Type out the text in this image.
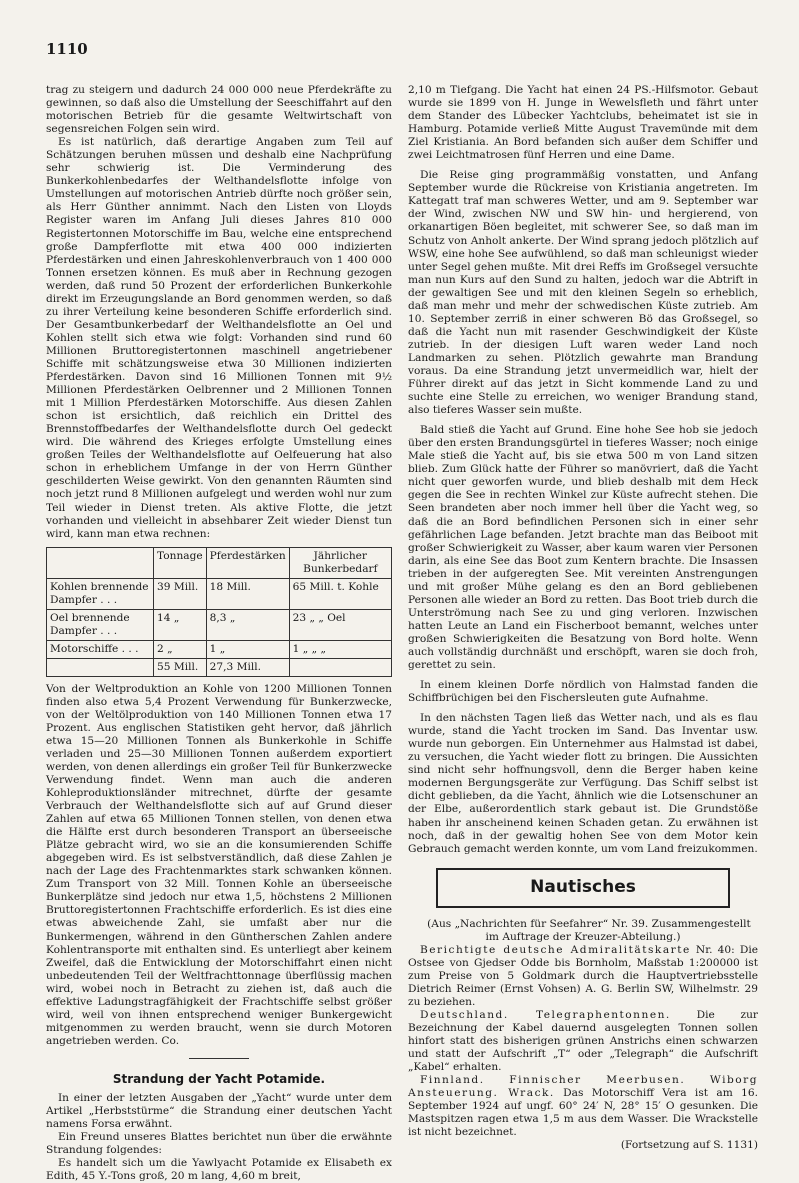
1110

trag zu steigern und dadurch 24 000 000 neue Pferdekräfte zu gewinnen, so daß also die Umstellung der Seeschiffahrt auf den motorischen Betrieb für die gesamte Weltwirtschaft von segensreichen Folgen sein wird.

Es ist natürlich, daß derartige Angaben zum Teil auf Schätzungen beruhen müssen und deshalb eine Nachprüfung sehr schwierig ist. Die Verminderung des Bunkerkohlenbedarfes der Welthandelsflotte infolge von Umstellungen auf motorischen Antrieb dürfte noch größer sein, als Herr Günther annimmt. Nach den Listen von Lloyds Register waren im Anfang Juli dieses Jahres 810 000 Registertonnen Motorschiffe im Bau, welche eine entsprechend große Dampferflotte mit etwa 400 000 indizierten Pferdestärken und einen Jahreskohlenverbrauch von 1 400 000 Tonnen ersetzen können. Es muß aber in Rechnung gezogen werden, daß rund 50 Prozent der erforderlichen Bunkerkohle direkt im Erzeugungslande an Bord genommen werden, so daß zu ihrer Verteilung keine besonderen Schiffe erforderlich sind. Der Gesamtbunkerbedarf der Welthandelsflotte an Oel und Kohlen stellt sich etwa wie folgt: Vorhanden sind rund 60 Millionen Bruttoregistertonnen maschinell angetriebener Schiffe mit schätzungsweise etwa 30 Millionen indizierten Pferdestärken. Davon sind 16 Millionen Tonnen mit 9½ Millionen Pferdestärken Oelbrenner und 2 Millionen Tonnen mit 1 Million Pferdestärken Motorschiffe. Aus diesen Zahlen schon ist ersichtlich, daß reichlich ein Drittel des Brennstoffbedarfes der Welthandelsflotte durch Oel gedeckt wird. Die während des Krieges erfolgte Umstellung eines großen Teiles der Welthandelsflotte auf Oelfeuerung hat also schon in erheblichem Umfange in der von Herrn Günther geschilderten Weise gewirkt. Von den genannten Räumten sind noch jetzt rund 8 Millionen aufgelegt und werden wohl nur zum Teil wieder in Dienst treten. Als aktive Flotte, die jetzt vorhanden und vielleicht in absehbarer Zeit wieder Dienst tun wird, kann man etwa rechnen:

	Tonnage	Pferdestärken	Jährlicher Bunkerbedarf
Kohlen brennende Dampfer . . .	39 Mill.	18 Mill.	65 Mill. t. Kohle
Oel brennende Dampfer . . .	14 „	8,3 „	23 „ „ Oel
Motorschiffe . . .	2 „	1 „	1 „ „ „
	55 Mill.	27,3 Mill.	

Von der Weltproduktion an Kohle von 1200 Millionen Tonnen finden also etwa 5,4 Prozent Verwendung für Bunkerzwecke, von der Weltölproduktion von 140 Millionen Tonnen etwa 17 Prozent. Aus englischen Statistiken geht hervor, daß jährlich etwa 15—20 Millionen Tonnen als Bunkerkohle in Schiffe verladen und 25—30 Millionen Tonnen außerdem exportiert werden, von denen allerdings ein großer Teil für Bunkerzwecke Verwendung findet. Wenn man auch die anderen Kohleproduktionsländer mitrechnet, dürfte der gesamte Verbrauch der Welthandelsflotte sich auf auf Grund dieser Zahlen auf etwa 65 Millionen Tonnen stellen, von denen etwa die Hälfte erst durch besonderen Transport an überseeische Plätze gebracht wird, wo sie an die konsumierenden Schiffe abgegeben wird. Es ist selbstverständlich, daß diese Zahlen je nach der Lage des Frachtenmarktes stark schwanken können. Zum Transport von 32 Mill. Tonnen Kohle an überseeische Bunkerplätze sind jedoch nur etwa 1,5, höchstens 2 Millionen Bruttoregistertonnen Frachtschiffe erforderlich. Es ist dies eine etwas abweichende Zahl, sie umfaßt aber nur die Bunkermengen, während in den Güntherschen Zahlen andere Kohlentransporte mit enthalten sind. Es unterliegt aber keinem Zweifel, daß die Entwicklung der Motorschiffahrt einen nicht unbedeutenden Teil der Weltfrachttonnage überflüssig machen wird, wobei noch in Betracht zu ziehen ist, daß auch die effektive Ladungstragfähigkeit der Frachtschiffe selbst größer wird, weil von ihnen entsprechend weniger Bunkergewicht mitgenommen zu werden braucht, wenn sie durch Motoren angetrieben werden. Co.

Strandung der Yacht Potamide.

In einer der letzten Ausgaben der „Yacht“ wurde unter dem Artikel „Herbststürme“ die Strandung einer deutschen Yacht namens Forsa erwähnt.

Ein Freund unseres Blattes berichtet nun über die erwähnte Strandung folgendes:

Es handelt sich um die Yawlyacht Potamide ex Elisabeth ex Edith, 45 Y.-Tons groß, 20 m lang, 4,60 m breit,

2,10 m Tiefgang. Die Yacht hat einen 24 PS.-Hilfsmotor. Gebaut wurde sie 1899 von H. Junge in Wewelsfleth und fährt unter dem Stander des Lübecker Yachtclubs, beheimatet ist sie in Hamburg. Potamide verließ Mitte August Travemünde mit dem Ziel Kristiania. An Bord befanden sich außer dem Schiffer und zwei Leichtmatrosen fünf Herren und eine Dame.

Die Reise ging programmäßig vonstatten, und Anfang September wurde die Rückreise von Kristiania angetreten. Im Kattegatt traf man schweres Wetter, und am 9. September war der Wind, zwischen NW und SW hin- und hergierend, von orkanartigen Böen begleitet, mit schwerer See, so daß man im Schutz von Anholt ankerte. Der Wind sprang jedoch plötzlich auf WSW, eine hohe See aufwühlend, so daß man schleunigst wieder unter Segel gehen mußte. Mit drei Reffs im Großsegel versuchte man nun Kurs auf den Sund zu halten, jedoch war die Abtrift in der gewaltigen See und mit den kleinen Segeln so erheblich, daß man mehr und mehr der schwedischen Küste zutrieb. Am 10. September zerriß in einer schweren Bö das Großsegel, so daß die Yacht nun mit rasender Geschwindigkeit der Küste zutrieb. In der diesigen Luft waren weder Land noch Landmarken zu sehen. Plötzlich gewahrte man Brandung voraus. Da eine Strandung jetzt unvermeidlich war, hielt der Führer direkt auf das jetzt in Sicht kommende Land zu und suchte eine Stelle zu erreichen, wo weniger Brandung stand, also tieferes Wasser sein mußte.

Bald stieß die Yacht auf Grund. Eine hohe See hob sie jedoch über den ersten Brandungsgürtel in tieferes Wasser; noch einige Male stieß die Yacht auf, bis sie etwa 500 m von Land sitzen blieb. Zum Glück hatte der Führer so manövriert, daß die Yacht nicht quer geworfen wurde, und blieb deshalb mit dem Heck gegen die See in rechten Winkel zur Küste aufrecht stehen. Die Seen brandeten aber noch immer hell über die Yacht weg, so daß die an Bord befindlichen Personen sich in einer sehr gefährlichen Lage befanden. Jetzt brachte man das Beiboot mit großer Schwierigkeit zu Wasser, aber kaum waren vier Personen darin, als eine See das Boot zum Kentern brachte. Die Insassen trieben in der aufgeregten See. Mit vereinten Anstrengungen und mit großer Mühe gelang es den an Bord gebliebenen Personen alle wieder an Bord zu retten. Das Boot trieb durch die Unterströmung nach See zu und ging verloren. Inzwischen hatten Leute an Land ein Fischerboot bemannt, welches unter großen Schwierigkeiten die Besatzung von Bord holte. Wenn auch vollständig durchnäßt und erschöpft, waren sie doch froh, gerettet zu sein.

In einem kleinen Dorfe nördlich von Halmstad fanden die Schiffbrüchigen bei den Fischersleuten gute Aufnahme.

In den nächsten Tagen ließ das Wetter nach, und als es flau wurde, stand die Yacht trocken im Sand. Das Inventar usw. wurde nun geborgen. Ein Unternehmer aus Halmstad ist dabei, zu versuchen, die Yacht wieder flott zu bringen. Die Aussichten sind nicht sehr hoffnungsvoll, denn die Berger haben keine modernen Bergungsgeräte zur Verfügung. Das Schiff selbst ist dicht geblieben, da die Yacht, ähnlich wie die Lotsenschuner an der Elbe, außerordentlich stark gebaut ist. Die Grundstöße haben ihr anscheinend keinen Schaden getan. Zu erwähnen ist noch, daß in der gewaltig hohen See von dem Motor kein Gebrauch gemacht werden konnte, um vom Land freizukommen.

Nautisches

(Aus „Nachrichten für Seefahrer“ Nr. 39. Zusammengestellt im Auftrage der Kreuzer-Abteilung.)

Berichtigte deutsche Admiralitätskarte Nr. 40: Die Ostsee von Gjedser Odde bis Bornholm, Maßstab 1:200000 ist zum Preise von 5 Goldmark durch die Hauptvertriebsstelle Dietrich Reimer (Ernst Vohsen) A. G. Berlin SW, Wilhelmstr. 29 zu beziehen.

Deutschland. Telegraphentonnen. Die zur Bezeichnung der Kabel dauernd ausgelegten Tonnen sollen hinfort statt des bisherigen grünen Anstrichs einen schwarzen und statt der Aufschrift „T“ oder „Telegraph“ die Aufschrift „Kabel“ erhalten.

Finnland. Finnischer Meerbusen. Wiborg Ansteuerung. Wrack. Das Motorschiff Vera ist am 16. September 1924 auf ungf. 60° 24′ N, 28° 15′ O gesunken. Die Mastspitzen ragen etwa 1,5 m aus dem Wasser. Die Wrackstelle ist nicht bezeichnet.

(Fortsetzung auf S. 1131)
